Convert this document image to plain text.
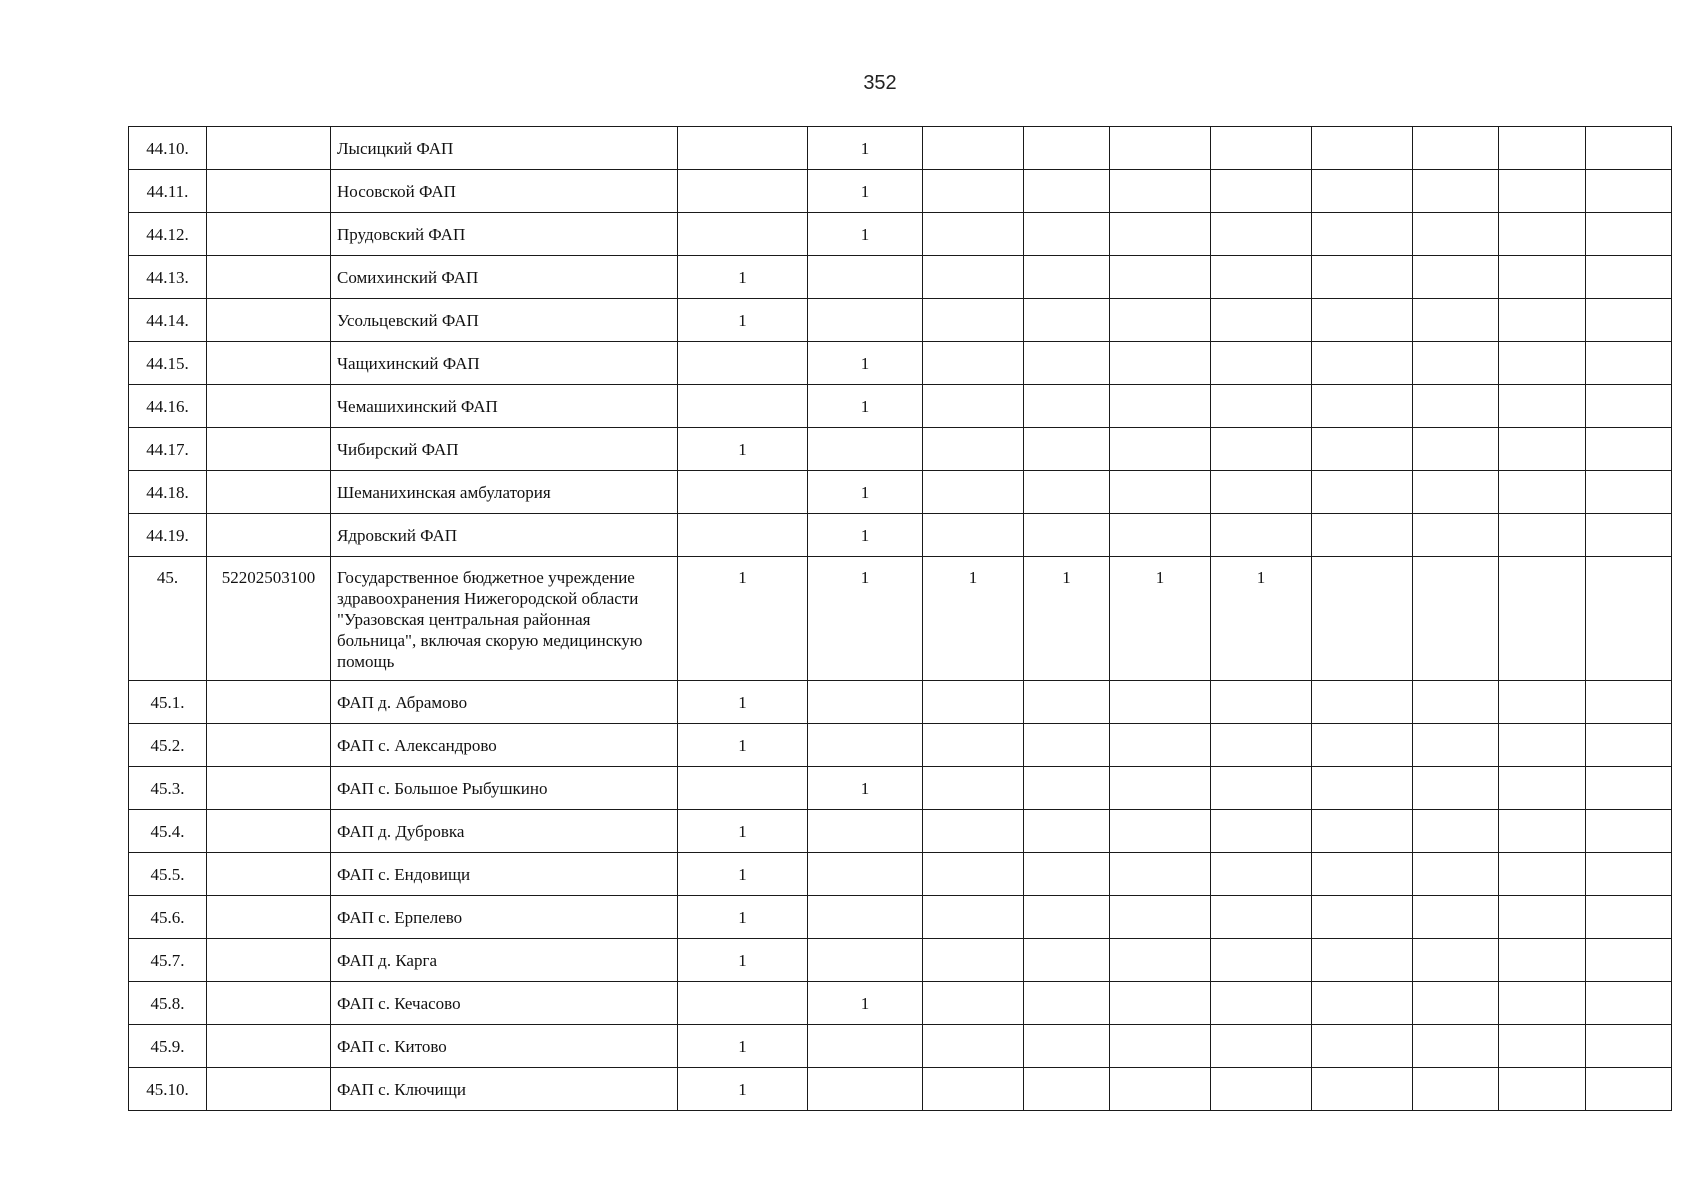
352
44.10.		Лысицкий ФАП		1								
44.11.		Носовской ФАП		1								
44.12.		Прудовский ФАП		1								
44.13.		Сомихинский ФАП	1									
44.14.		Усольцевский ФАП	1									
44.15.		Чащихинский ФАП		1								
44.16.		Чемашихинский ФАП		1								
44.17.		Чибирский ФАП	1									
44.18.		Шеманихинская амбулатория		1								
44.19.		Ядровский ФАП		1								
45.	52202503100	Государственное бюджетное учреждение здравоохранения Нижегородской области "Уразовская центральная районная больница", включая скорую медицинскую помощь	1	1	1	1	1	1				
45.1.		ФАП д. Абрамово	1									
45.2.		ФАП с. Александрово	1									
45.3.		ФАП с. Большое Рыбушкино		1								
45.4.		ФАП д. Дубровка	1									
45.5.		ФАП с. Ендовищи	1									
45.6.		ФАП с. Ерпелево	1									
45.7.		ФАП д. Карга	1									
45.8.		ФАП с. Кечасово		1								
45.9.		ФАП с. Китово	1									
45.10.		ФАП с. Ключищи	1									
